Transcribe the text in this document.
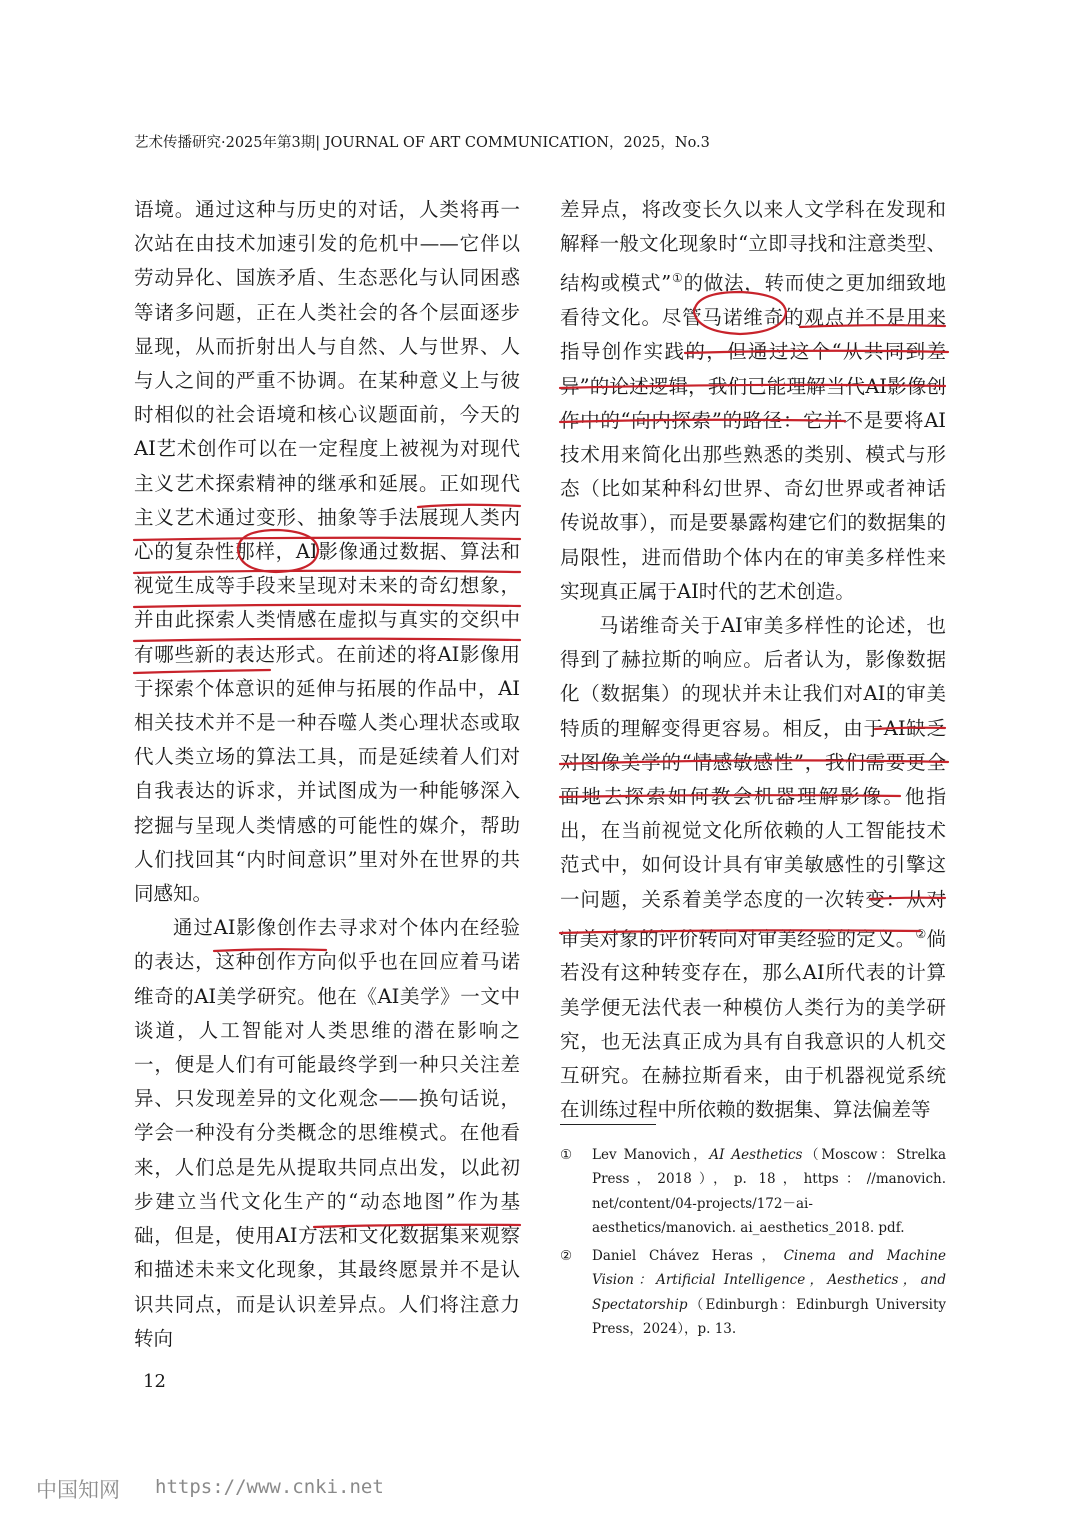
艺术传播研究·2025年第3期| JOURNAL OF ART COMMUNICATION，2025，No.3

语境。通过这种与历史的对话，人类将再一次站在由技术加速引发的危机中——它伴以劳动异化、国族矛盾、生态恶化与认同困惑等诸多问题，正在人类社会的各个层面逐步显现，从而折射出人与自然、人与世界、人与人之间的严重不协调。在某种意义上与彼时相似的社会语境和核心议题面前，今天的AI艺术创作可以在一定程度上被视为对现代主义艺术探索精神的继承和延展。正如现代主义艺术通过变形、抽象等手法展现人类内心的复杂性那样，AI影像通过数据、算法和视觉生成等手段来呈现对未来的奇幻想象，并由此探索人类情感在虚拟与真实的交织中有哪些新的表达形式。在前述的将AI影像用于探索个体意识的延伸与拓展的作品中，AI相关技术并不是一种吞噬人类心理状态或取代人类立场的算法工具，而是延续着人们对自我表达的诉求，并试图成为一种能够深入挖掘与呈现人类情感的可能性的媒介，帮助人们找回其“内时间意识”里对外在世界的共同感知。

通过AI影像创作去寻求对个体内在经验的表达，这种创作方向似乎也在回应着马诺维奇的AI美学研究。他在《AI美学》一文中谈道，人工智能对人类思维的潜在影响之一，便是人们有可能最终学到一种只关注差异、只发现差异的文化观念——换句话说，学会一种没有分类概念的思维模式。在他看来，人们总是先从提取共同点出发，以此初步建立当代文化生产的“动态地图”作为基础，但是，使用AI方法和文化数据集来观察和描述未来文化现象，其最终愿景并不是认识共同点，而是认识差异点。人们将注意力转向

差异点，将改变长久以来人文学科在发现和解释一般文化现象时“立即寻找和注意类型、结构或模式”①的做法，转而使之更加细致地看待文化。尽管马诺维奇的观点并不是用来指导创作实践的，但通过这个“从共同到差异”的论述逻辑，我们已能理解当代AI影像创作中的“向内探索”的路径：它并不是要将AI技术用来简化出那些熟悉的类别、模式与形态（比如某种科幻世界、奇幻世界或者神话传说故事），而是要暴露构建它们的数据集的局限性，进而借助个体内在的审美多样性来实现真正属于AI时代的艺术创造。

马诺维奇关于AI审美多样性的论述，也得到了赫拉斯的响应。后者认为，影像数据化（数据集）的现状并未让我们对AI的审美特质的理解变得更容易。相反，由于AI缺乏对图像美学的“情感敏感性”，我们需要更全面地去探索如何教会机器理解影像。他指出，在当前视觉文化所依赖的人工智能技术范式中，如何设计具有审美敏感性的引擎这一问题，关系着美学态度的一次转变：从对审美对象的评价转向对审美经验的定义。②倘若没有这种转变存在，那么AI所代表的计算美学便无法代表一种模仿人类行为的美学研究，也无法真正成为具有自我意识的人机交互研究。在赫拉斯看来，由于机器视觉系统在训练过程中所依赖的数据集、算法偏差等

① Lev Manovich，AI Aesthetics（Moscow：Strelka Press，2018），p. 18，https：//manovich. net/content/04-projects/172－ai-aesthetics/manovich. ai_aesthetics_2018. pdf.
② Daniel Chávez Heras，Cinema and Machine Vision：Artificial Intelligence，Aesthetics，and Spectatorship（Edinburgh：Edinburgh University Press，2024），p. 13.
12
中国知网 https://www.cnki.net
